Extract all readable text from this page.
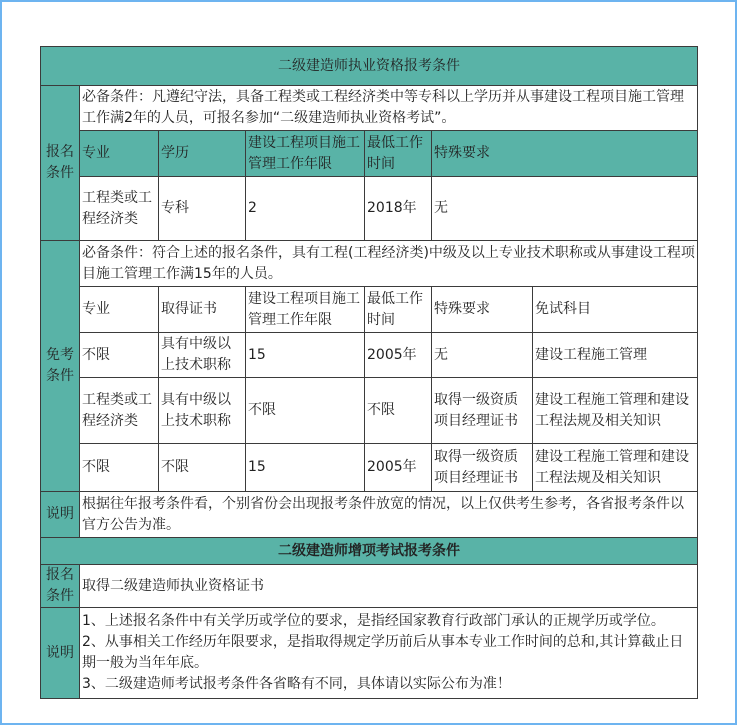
二级建造师执业资格报考条件						
报名条件	必备条件：凡遵纪守法，具备工程类或工程经济类中等专科以上学历并从事建设工程项目施工管理工作满2年的人员，可报名参加“二级建造师执业资格考试”。					
	专业	学历	建设工程项目施工管理工作年限	最低工作时间	特殊要求	
	工程类或工程经济类	专科	2	2018年	无	
免考条件	必备条件：符合上述的报名条件，具有工程(工程经济类)中级及以上专业技术职称或从事建设工程项目施工管理工作满15年的人员。					
	专业	取得证书	建设工程项目施工管理工作年限	最低工作时间	特殊要求	免试科目
	不限	具有中级以上技术职称	15	2005年	无	建设工程施工管理
	工程类或工程经济类	具有中级以上技术职称	不限	不限	取得一级资质项目经理证书	建设工程施工管理和建设工程法规及相关知识
	不限	不限	15	2005年	取得一级资质项目经理证书	建设工程施工管理和建设工程法规及相关知识
说明	根据往年报考条件看，个别省份会出现报考条件放宽的情况，以上仅供考生参考，各省报考条件以官方公告为准。					
二级建造师增项考试报考条件						
报名条件	取得二级建造师执业资格证书					
说明	1、上述报名条件中有关学历或学位的要求，是指经国家教育行政部门承认的正规学历或学位。
2、从事相关工作经历年限要求，是指取得规定学历前后从事本专业工作时间的总和,其计算截止日期一般为当年年底。
3、二级建造师考试报考条件各省略有不同，具体请以实际公布为准！					
